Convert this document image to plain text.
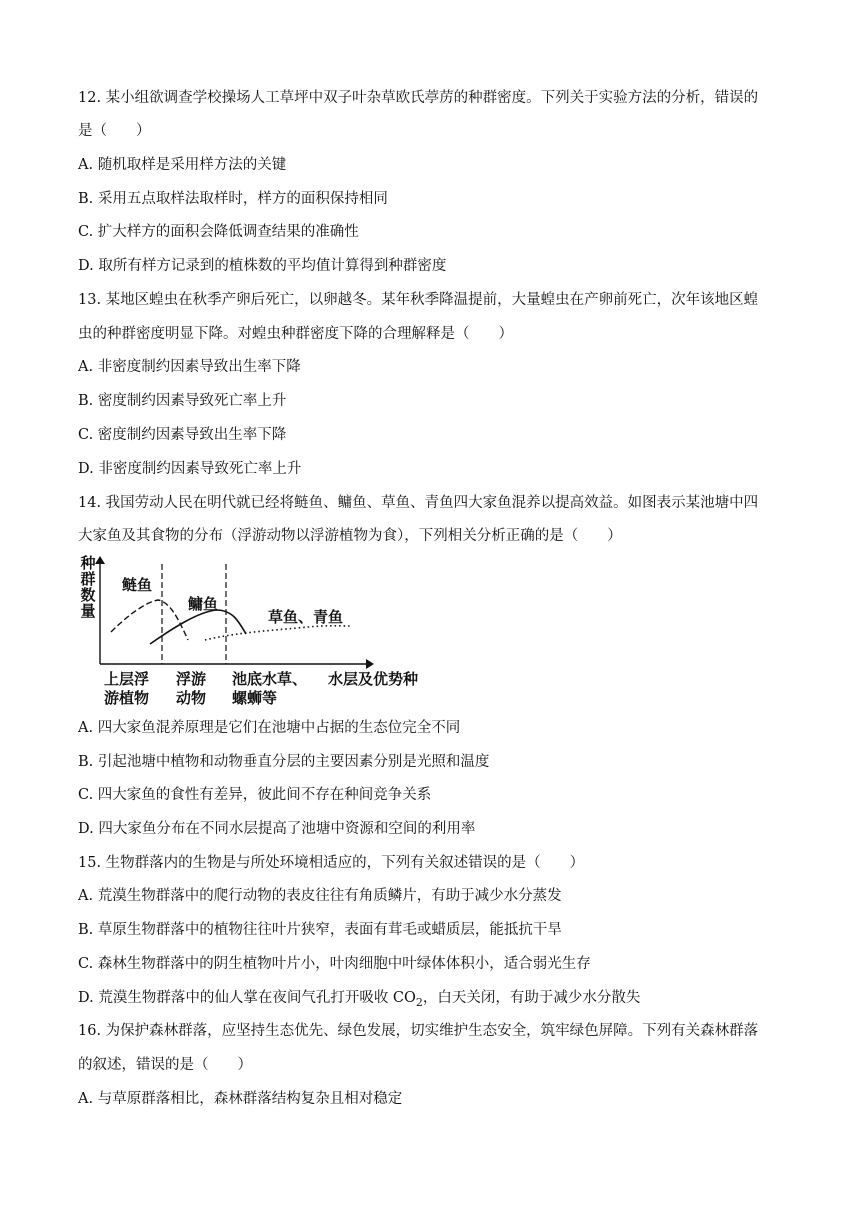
12. 某小组欲调查学校操场人工草坪中双子叶杂草欧氏葶苈的种群密度。下列关于实验方法的分析，错误的
是（　　）
A. 随机取样是采用样方法的关键
B. 采用五点取样法取样时，样方的面积保持相同
C. 扩大样方的面积会降低调查结果的准确性
D. 取所有样方记录到的植株数的平均值计算得到种群密度
13. 某地区蝗虫在秋季产卵后死亡，以卵越冬。某年秋季降温提前，大量蝗虫在产卵前死亡，次年该地区蝗
虫的种群密度明显下降。对蝗虫种群密度下降的合理解释是（　　）
A. 非密度制约因素导致出生率下降
B. 密度制约因素导致死亡率上升
C. 密度制约因素导致出生率下降
D. 非密度制约因素导致死亡率上升
14. 我国劳动人民在明代就已经将鲢鱼、鳙鱼、草鱼、青鱼四大家鱼混养以提高效益。如图表示某池塘中四
大家鱼及其食物的分布（浮游动物以浮游植物为食），下列相关分析正确的是（　　）
种
群
数
量
鲢鱼
鳙鱼
草鱼、青鱼
上层浮
游植物
浮游
动物
池底水草、
螺蛳等
水层及优势种
A. 四大家鱼混养原理是它们在池塘中占据的生态位完全不同
B. 引起池塘中植物和动物垂直分层的主要因素分别是光照和温度
C. 四大家鱼的食性有差异，彼此间不存在种间竞争关系
D. 四大家鱼分布在不同水层提高了池塘中资源和空间的利用率
15. 生物群落内的生物是与所处环境相适应的，下列有关叙述错误的是（　　）
A. 荒漠生物群落中的爬行动物的表皮往往有角质鳞片，有助于减少水分蒸发
B. 草原生物群落中的植物往往叶片狭窄，表面有茸毛或蜡质层，能抵抗干旱
C. 森林生物群落中的阴生植物叶片小，叶肉细胞中叶绿体体积小，适合弱光生存
D. 荒漠生物群落中的仙人掌在夜间气孔打开吸收 $CO_2$，白天关闭，有助于减少水分散失
16. 为保护森林群落，应坚持生态优先、绿色发展，切实维护生态安全，筑牢绿色屏障。下列有关森林群落
的叙述，错误的是（　　）
A. 与草原群落相比，森林群落结构复杂且相对稳定
